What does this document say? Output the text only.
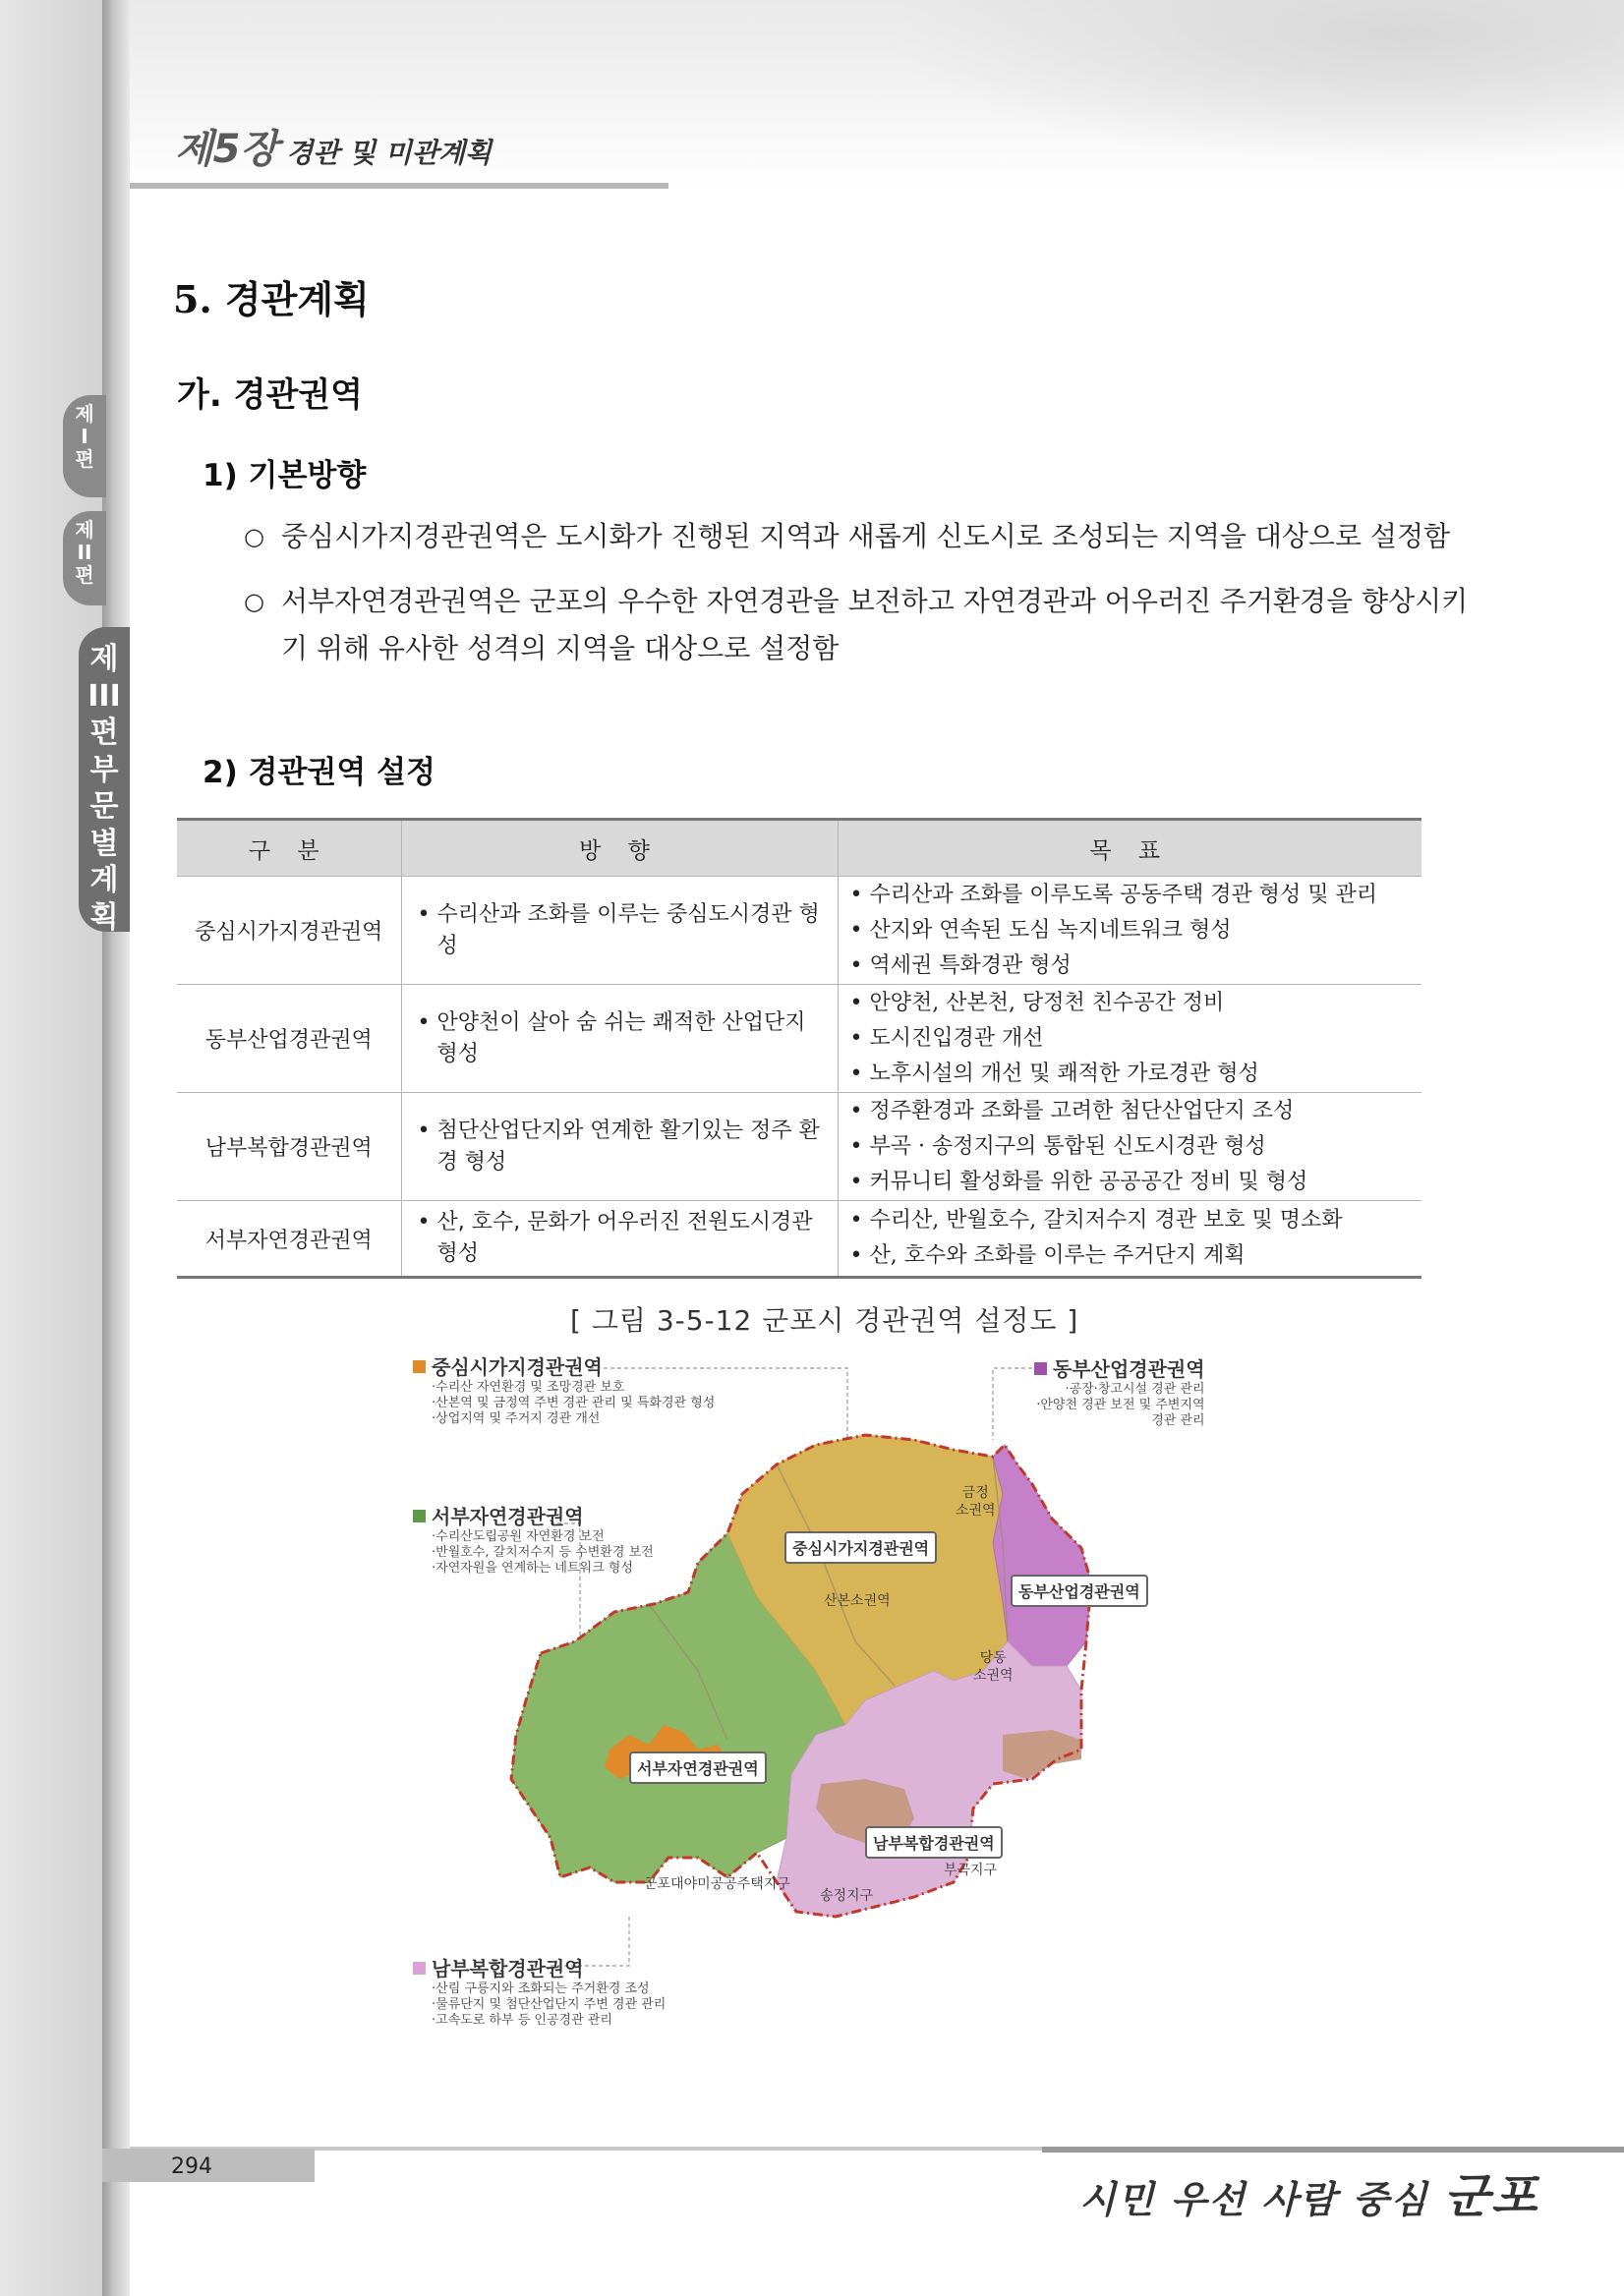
제5장 경관 및 미관계획
제
I
편
제
II
편
제
III
편
부
문
별
계
획
5. 경관계획
가. 경관권역
1) 기본방향
○ 중심시가지경관권역은 도시화가 진행된 지역과 새롭게 신도시로 조성되는 지역을 대상으로 설정함
○ 서부자연경관권역은 군포의 우수한 자연경관을 보전하고 자연경관과 어우러진 주거환경을 향상시키기 위해 유사한 성격의 지역을 대상으로 설정함
2) 경관권역 설정
구 분	방 향	목 표
중심시가지경관권역	• 수리산과 조화를 이루는 중심도시경관 형성	• 수리산과 조화를 이루도록 공동주택 경관 형성 및 관리
• 산지와 연속된 도심 녹지네트워크 형성
• 역세권 특화경관 형성

동부산업경관권역	• 안양천이 살아 숨 쉬는 쾌적한 산업단지 형성	• 안양천, 산본천, 당정천 친수공간 정비
• 도시진입경관 개선
• 노후시설의 개선 및 쾌적한 가로경관 형성

남부복합경관권역	• 첨단산업단지와 연계한 활기있는 정주 환경 형성	• 정주환경과 조화를 고려한 첨단산업단지 조성
• 부곡 · 송정지구의 통합된 신도시경관 형성
• 커뮤니티 활성화를 위한 공공공간 정비 및 형성

서부자연경관권역	• 산, 호수, 문화가 어우러진 전원도시경관 형성	• 수리산, 반월호수, 갈치저수지 경관 보호 및 명소화
• 산, 호수와 조화를 이루는 주거단지 계획
[ 그림 3-5-12 군포시 경관권역 설정도 ]
중심시가지경관권역
·수리산 자연환경 및 조망경관 보호
·산본역 및 금정역 주변 경관 관리 및 특화경관 형성
·상업지역 및 주거지 경관 개선
동부산업경관권역
·공장·창고시설 경관 관리
·안양천 경관 보전 및 주변지역
경관 관리
서부자연경관권역
·수리산도립공원 자연환경 보전
·반월호수, 갈치저수지 등 수변환경 보전
·자연자원을 연계하는 네트워크 형성
남부복합경관권역
·산림 구릉지와 조화되는 주거환경 조성
·물류단지 및 첨단산업단지 주변 경관 관리
·고속도로 하부 등 인공경관 관리
중심시가지경관권역
동부산업경관권역
서부자연경관권역
남부복합경관권역
금정
소권역
산본소권역
당동
소권역
군포대야미공공주택지구
송정지구
부곡지구
294
시민 우선 사람 중심 군포
